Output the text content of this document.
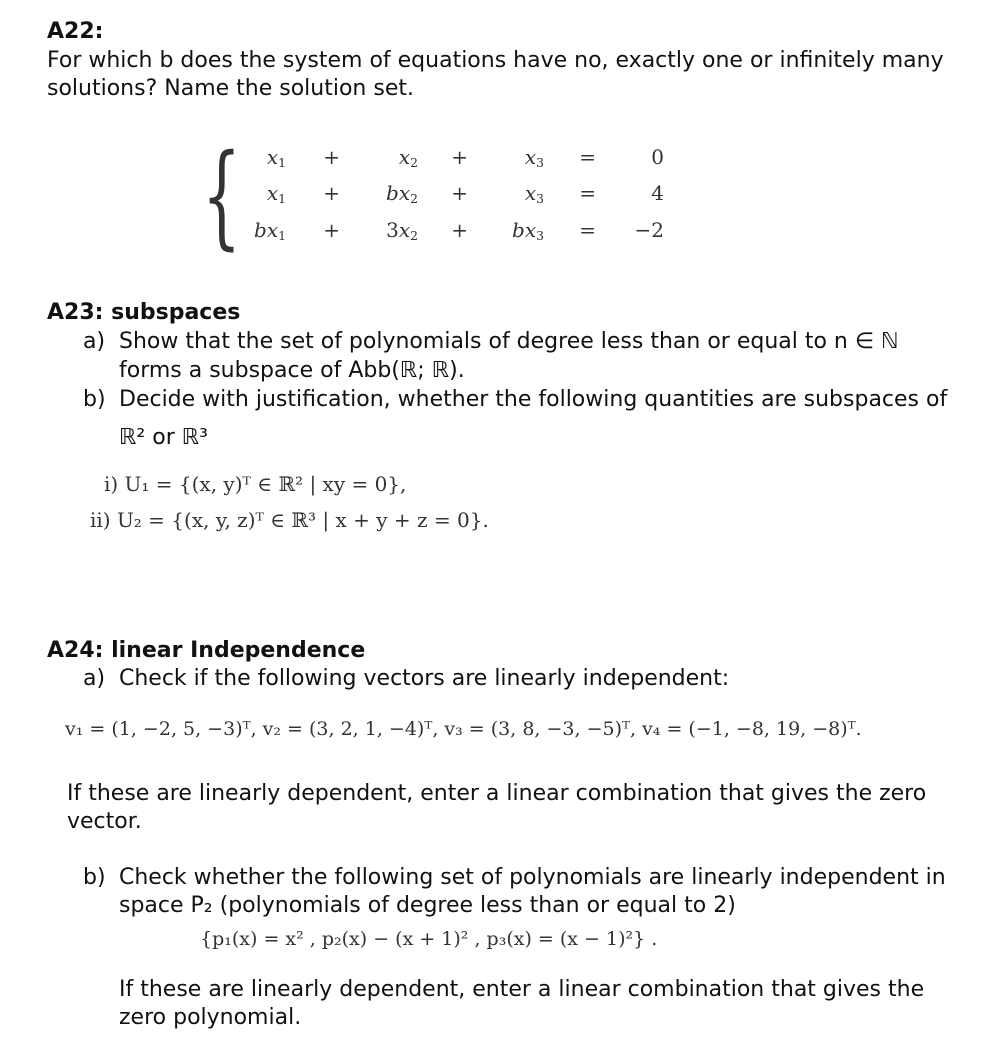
A22:
For which b does the system of equations have no, exactly one or infinitely many
solutions? Name the solution set.
{ $x_1$ +	$x_2$ +	$x_3$ =	0
$x_1 + bx_2$ +	$x_3$ =	4
$bx_1 + 3x_2 + bx_3 = -2$
A23: subspaces
a) Show that the set of polynomials of degree less than or equal to n ∈ ℕ
forms a subspace of Abb(ℝ; ℝ).
b) Decide with justification, whether the following quantities are subspaces of
ℝ² or ℝ³
i) U₁ = {(x, y)ᵀ ∈ ℝ² | xy = 0},
ii) U₂ = {(x, y, z)ᵀ ∈ ℝ³ | x + y + z = 0}.
A24: linear Independence
a) Check if the following vectors are linearly independent:
v₁ = (1, −2, 5, −3)ᵀ, v₂ = (3, 2, 1, −4)ᵀ, v₃ = (3, 8, −3, −5)ᵀ, v₄ = (−1, −8, 19, −8)ᵀ.
If these are linearly dependent, enter a linear combination that gives the zero
vector.
b) Check whether the following set of polynomials are linearly independent in
space P₂ (polynomials of degree less than or equal to 2)
{p₁(x) = x² , p₂(x) − (x + 1)² , p₃(x) = (x − 1)²} .
If these are linearly dependent, enter a linear combination that gives the
zero polynomial.
